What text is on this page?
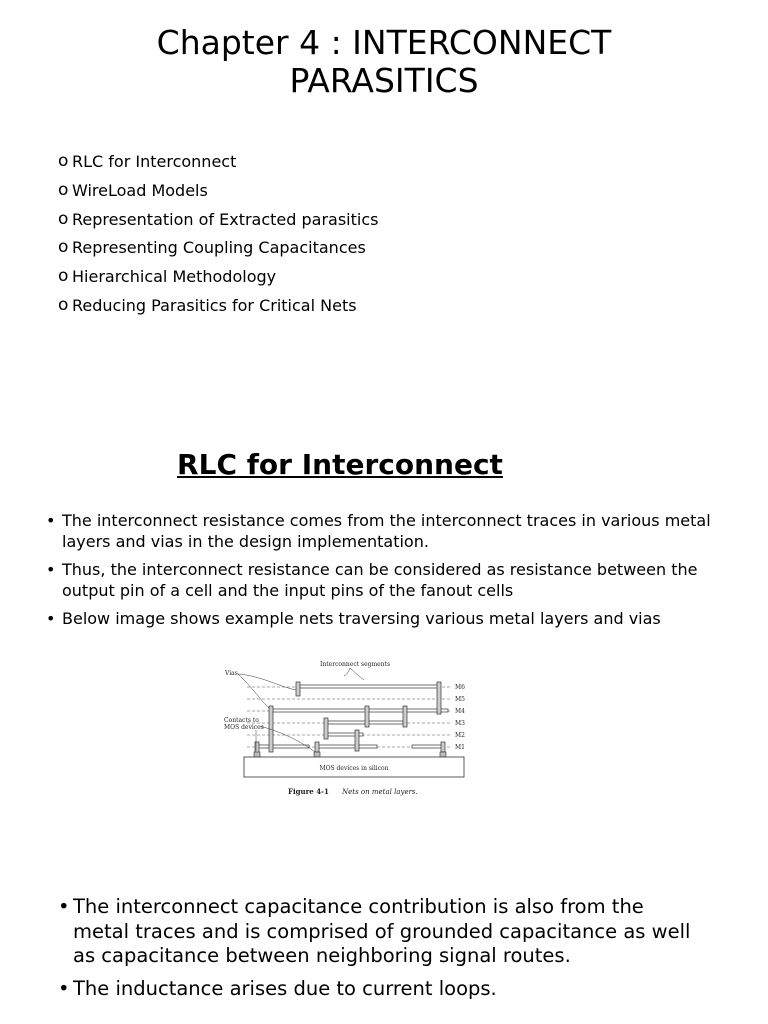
Chapter 4 : INTERCONNECT
PARASITICS
o RLC for Interconnect
o WireLoad Models
o Representation of Extracted parasitics
o Representing Coupling Capacitances
o Hierarchical Methodology
o Reducing Parasitics for Critical Nets
RLC for Interconnect
• The interconnect resistance comes from the interconnect traces in various metal layers and vias in the design implementation.
• Thus, the interconnect resistance can be considered as resistance between the output pin of a cell and the input pins of the fanout cells
• Below image shows example nets traversing various metal layers and vias
M6
M5
M4
M3
M2
M1
MOS devices in silicon
Interconnect segments
Vias
Contacts to
MOS devices
Figure 4-1 Nets on metal layers.
• The interconnect capacitance contribution is also from the metal traces and is comprised of grounded capacitance as well as capacitance between neighboring signal routes.
• The inductance arises due to current loops.
